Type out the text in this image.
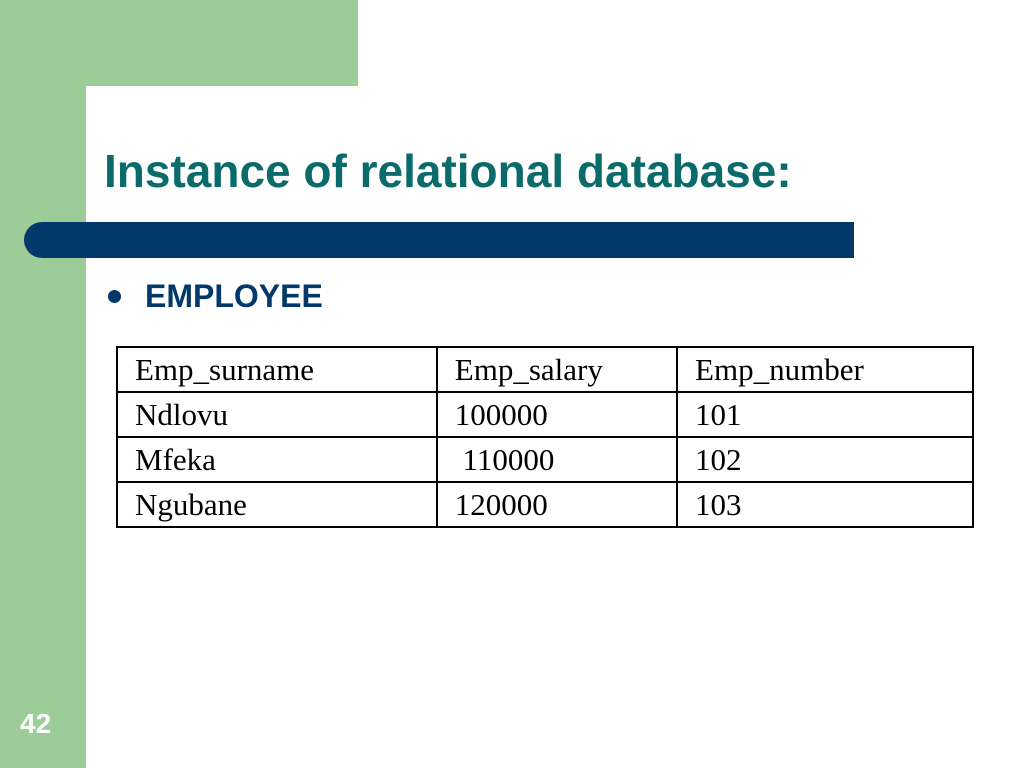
Instance of relational database:
EMPLOYEE
Emp_surname	Emp_salary	Emp_number
Ndlovu	100000	101
Mfeka	110000	102
Ngubane	120000	103
42
